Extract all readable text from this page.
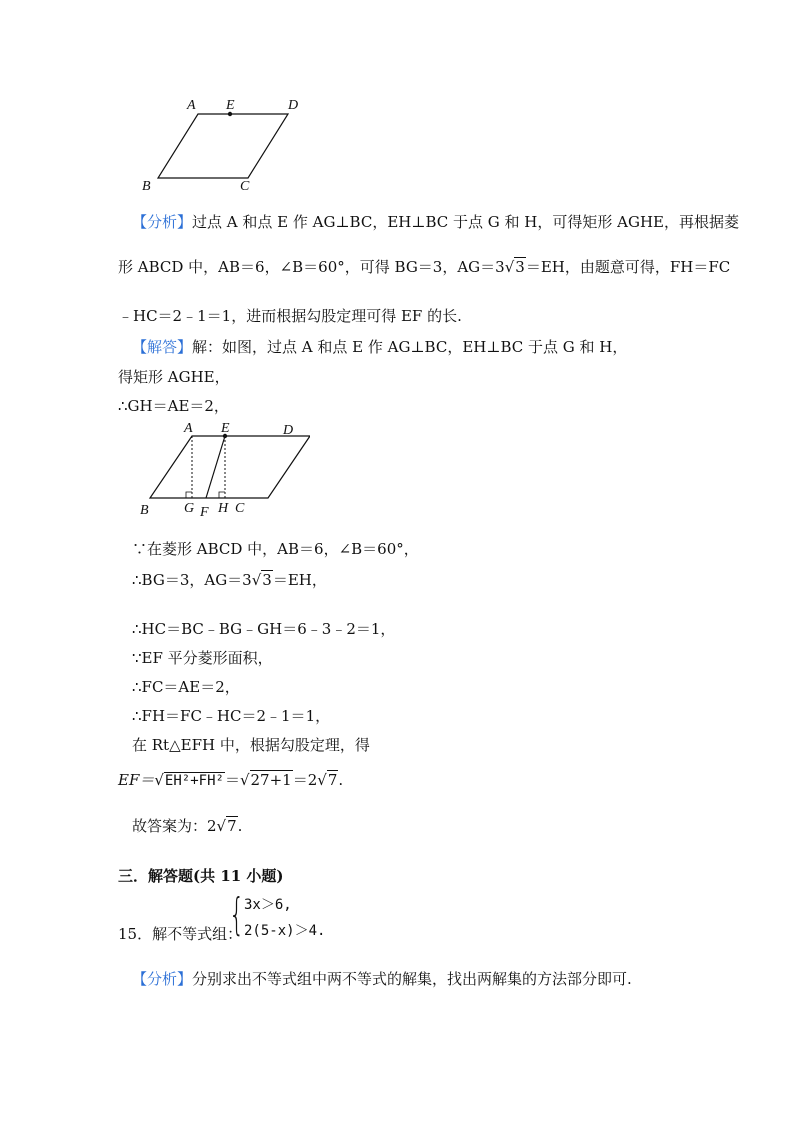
A E	D
B	C
【分析】过点 A 和点 E 作 AG⊥BC，EH⊥BC 于点 G 和 H，可得矩形 AGHE，再根据菱
形 ABCD 中，AB＝6，∠B＝60°，可得 BG＝3，AG＝3√3＝EH，由题意可得，FH＝FC
﹣HC＝2﹣1＝1，进而根据勾股定理可得 EF 的长.
【解答】解：如图，过点 A 和点 E 作 AG⊥BC，EH⊥BC 于点 G 和 H，
得矩形 AGHE，
∴GH＝AE＝2，
A E	D
B	G F H C
∵在菱形 ABCD 中，AB＝6，∠B＝60°，
∴BG＝3，AG＝3√3＝EH，
∴HC＝BC﹣BG﹣GH＝6﹣3﹣2＝1，
∵EF 平分菱形面积，
∴FC＝AE＝2，
∴FH＝FC﹣HC＝2﹣1＝1，
在 Rt△EFH 中，根据勾股定理，得
EF＝√EH²+FH²＝√27+1＝2√7.
故答案为：2√7.
三．解答题(共 11 小题)
15．解不等式组：
{ 3x＞6,
2(5-x)＞4.
【分析】分别求出不等式组中两不等式的解集，找出两解集的方法部分即可.
